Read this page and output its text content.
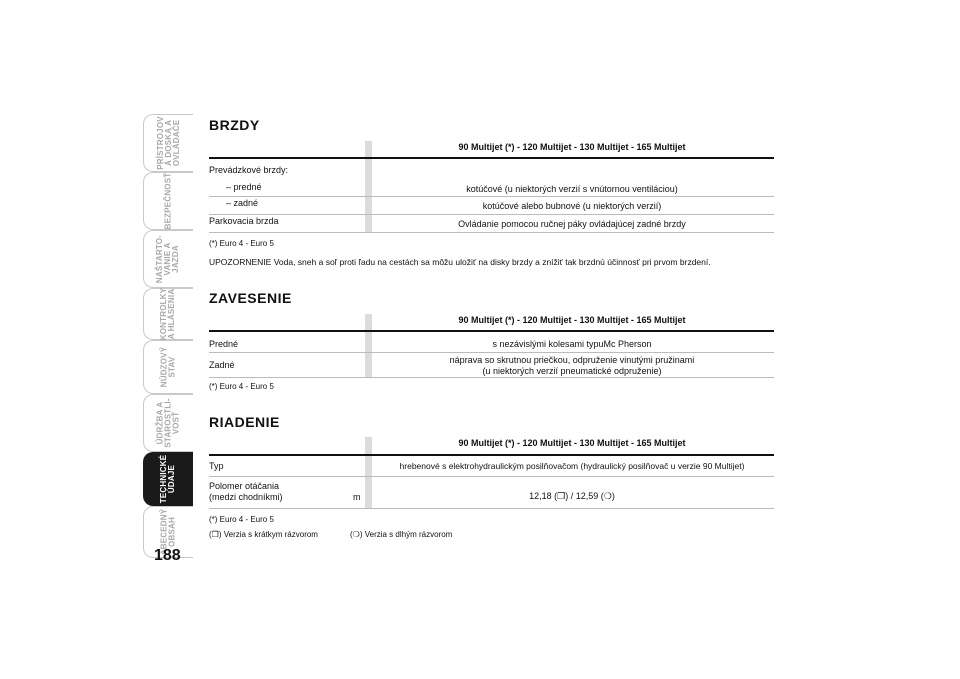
PRÍSTROJOV
Á DOSKA A
OVLÁDAČE
BEZPEČNOSŤ
NAŠTARTO-
VANIE A
JAZDA
KONTROLKY
A HLÁSENIA
NÚDZOVÝ
STAV
ÚDRŽBA A
STAROSTLI-
VOSŤ
TECHNICKÉ
ÚDAJE
ABECEDNÝ
OBSAH
188
BRZDY
90 Multijet (*) - 120 Multijet - 130 Multijet - 165 Multijet
Prevádzkové brzdy:
– predné	kotúčové (u niektorých verzií s vnútornou ventiláciou)
– zadné	kotúčové alebo bubnové (u niektorých verzií)
Parkovacia brzda	Ovládanie pomocou ručnej páky ovládajúcej zadné brzdy
(*) Euro 4 - Euro 5
UPOZORNENIE Voda, sneh a soľ proti ľadu na cestách sa môžu uložiť na disky brzdy a znížiť tak brzdnú účinnosť pri prvom brzdení.
ZAVESENIE
90 Multijet (*) - 120 Multijet - 130 Multijet - 165 Multijet
Predné	s nezávislými kolesami typuMc Pherson
Zadné	náprava so skrutnou priečkou, odpruženie vinutými pružinami
(u niektorých verzií pneumatické odpruženie)
(*) Euro 4 - Euro 5
RIADENIE
90 Multijet (*) - 120 Multijet - 130 Multijet - 165 Multijet
Typ	hrebenové s elektrohydraulickým posilňovačom (hydraulický posilňovač u verzie 90 Multijet)
Polomer otáčania
(medzi chodníkmi)	m	12,18 (❒) / 12,59 (❍)
(*) Euro 4 - Euro 5
(❒) Verzia s krátkym rázvorom	(❍) Verzia s dlhým rázvorom
